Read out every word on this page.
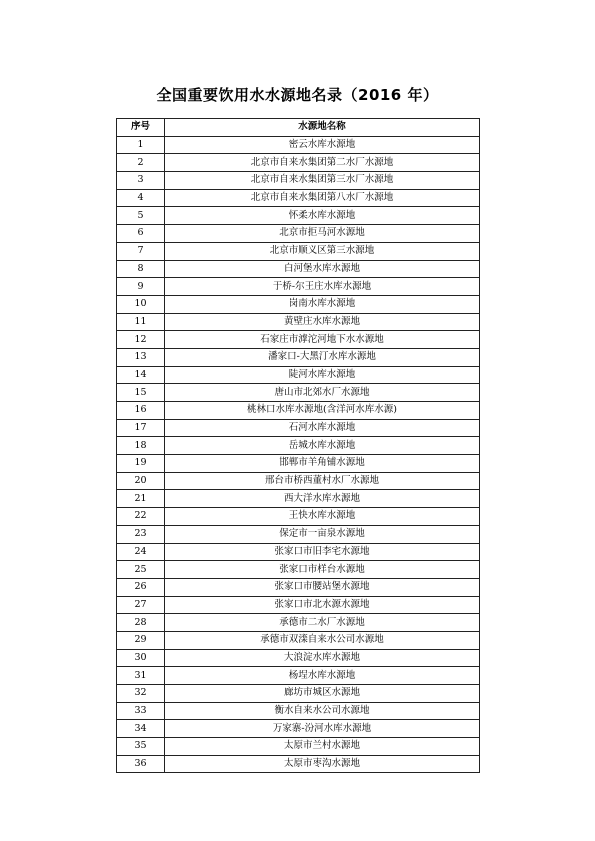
全国重要饮用水水源地名录（2016 年）
序号	水源地名称
1	密云水库水源地
2	北京市自来水集团第二水厂水源地
3	北京市自来水集团第三水厂水源地
4	北京市自来水集团第八水厂水源地
5	怀柔水库水源地
6	北京市拒马河水源地
7	北京市顺义区第三水源地
8	白河堡水库水源地
9	于桥-尔王庄水库水源地
10	岗南水库水源地
11	黄壁庄水库水源地
12	石家庄市滹沱河地下水水源地
13	潘家口-大黑汀水库水源地
14	陡河水库水源地
15	唐山市北郊水厂水源地
16	桃林口水库水源地(含洋河水库水源)
17	石河水库水源地
18	岳城水库水源地
19	邯郸市羊角铺水源地
20	邢台市桥西董村水厂水源地
21	西大洋水库水源地
22	王快水库水源地
23	保定市一亩泉水源地
24	张家口市旧李宅水源地
25	张家口市样台水源地
26	张家口市腰站堡水源地
27	张家口市北水源水源地
28	承德市二水厂水源地
29	承德市双滦自来水公司水源地
30	大浪淀水库水源地
31	杨埕水库水源地
32	廊坊市城区水源地
33	衡水自来水公司水源地
34	万家寨-汾河水库水源地
35	太原市兰村水源地
36	太原市枣沟水源地
